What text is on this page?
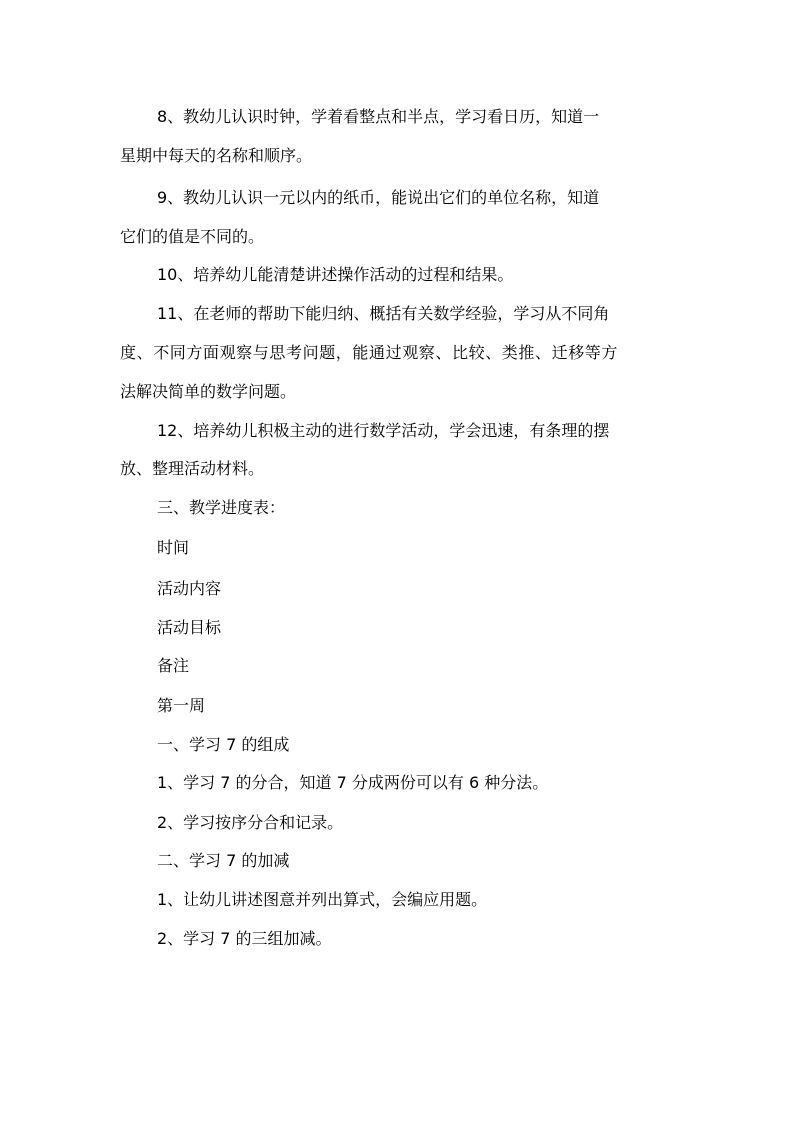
8、教幼儿认识时钟，学着看整点和半点，学习看日历，知道一
星期中每天的名称和顺序。
9、教幼儿认识一元以内的纸币，能说出它们的单位名称，知道
它们的值是不同的。
10、培养幼儿能清楚讲述操作活动的过程和结果。
11、在老师的帮助下能归纳、概括有关数学经验，学习从不同角
度、不同方面观察与思考问题，能通过观察、比较、类推、迁移等方
法解决简单的数学问题。
12、培养幼儿积极主动的进行数学活动，学会迅速，有条理的摆
放、整理活动材料。
三、教学进度表：
时间
活动内容
活动目标
备注
第一周
一、学习 7 的组成
1、学习 7 的分合，知道 7 分成两份可以有 6 种分法。
2、学习按序分合和记录。
二、学习 7 的加减
1、让幼儿讲述图意并列出算式，会编应用题。
2、学习 7 的三组加减。
